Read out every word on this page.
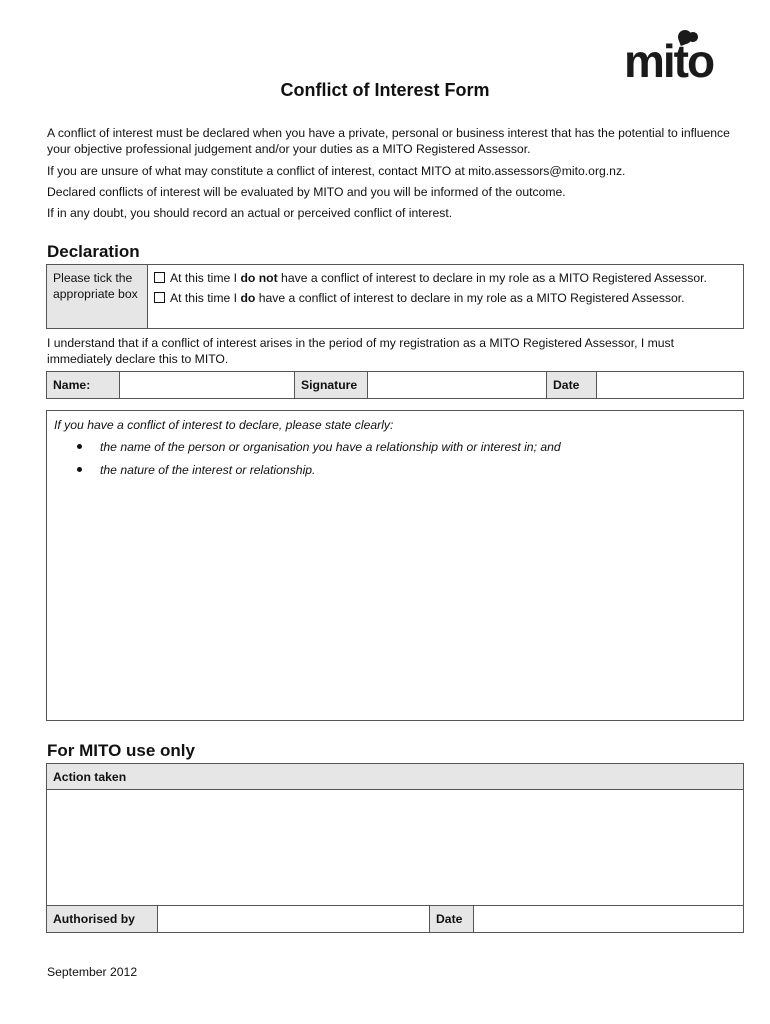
mito
Conflict of Interest Form
A conflict of interest must be declared when you have a private, personal or business interest that has the potential to influence your objective professional judgement and/or your duties as a MITO Registered Assessor.
If you are unsure of what may constitute a conflict of interest, contact MITO at mito.assessors@mito.org.nz.
Declared conflicts of interest will be evaluated by MITO and you will be informed of the outcome.
If in any doubt, you should record an actual or perceived conflict of interest.
Declaration
Please tick the appropriate box
At this time I do not have a conflict of interest to declare in my role as a MITO Registered Assessor.
At this time I do have a conflict of interest to declare in my role as a MITO Registered Assessor.
I understand that if a conflict of interest arises in the period of my registration as a MITO Registered Assessor, I must immediately declare this to MITO.
Name:	Signature	Date
If you have a conflict of interest to declare, please state clearly:
the name of the person or organisation you have a relationship with or interest in; and
the nature of the interest or relationship.
For MITO use only
Action taken
Authorised by	Date
September 2012
